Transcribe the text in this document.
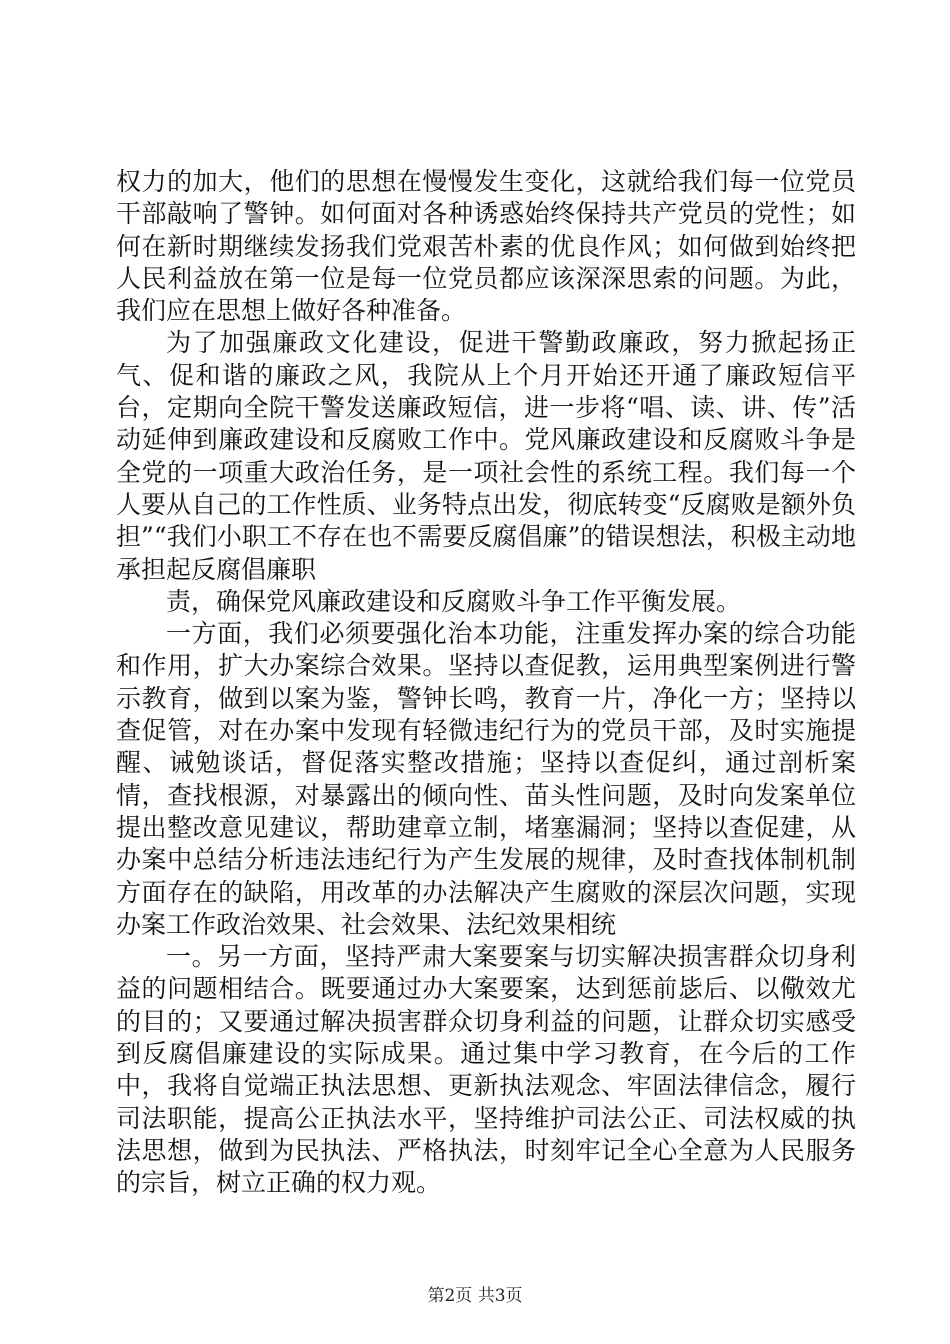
权力的加大，他们的思想在慢慢发生变化，这就给我们每一位党员干部敲响了警钟。如何面对各种诱惑始终保持共产党员的党性；如何在新时期继续发扬我们党艰苦朴素的优良作风；如何做到始终把人民利益放在第一位是每一位党员都应该深深思索的问题。为此，我们应在思想上做好各种准备。

为了加强廉政文化建设，促进干警勤政廉政，努力掀起扬正气、促和谐的廉政之风，我院从上个月开始还开通了廉政短信平台，定期向全院干警发送廉政短信，进一步将“唱、读、讲、传”活动延伸到廉政建设和反腐败工作中。党风廉政建设和反腐败斗争是全党的一项重大政治任务，是一项社会性的系统工程。我们每一个人要从自己的工作性质、业务特点出发，彻底转变“反腐败是额外负担”“我们小职工不存在也不需要反腐倡廉”的错误想法，积极主动地承担起反腐倡廉职

责，确保党风廉政建设和反腐败斗争工作平衡发展。

一方面，我们必须要强化治本功能，注重发挥办案的综合功能和作用，扩大办案综合效果。坚持以查促教，运用典型案例进行警示教育，做到以案为鉴，警钟长鸣，教育一片，净化一方；坚持以查促管，对在办案中发现有轻微违纪行为的党员干部，及时实施提醒、诫勉谈话，督促落实整改措施；坚持以查促纠，通过剖析案情，查找根源，对暴露出的倾向性、苗头性问题，及时向发案单位提出整改意见建议，帮助建章立制，堵塞漏洞；坚持以查促建，从办案中总结分析违法违纪行为产生发展的规律，及时查找体制机制方面存在的缺陷，用改革的办法解决产生腐败的深层次问题，实现办案工作政治效果、社会效果、法纪效果相统

一。另一方面，坚持严肃大案要案与切实解决损害群众切身利益的问题相结合。既要通过办大案要案，达到惩前毖后、以儆效尤的目的；又要通过解决损害群众切身利益的问题，让群众切实感受到反腐倡廉建设的实际成果。通过集中学习教育，在今后的工作中，我将自觉端正执法思想、更新执法观念、牢固法律信念，履行司法职能，提高公正执法水平，坚持维护司法公正、司法权威的执法思想，做到为民执法、严格执法，时刻牢记全心全意为人民服务的宗旨，树立正确的权力观。

第2页 共3页
